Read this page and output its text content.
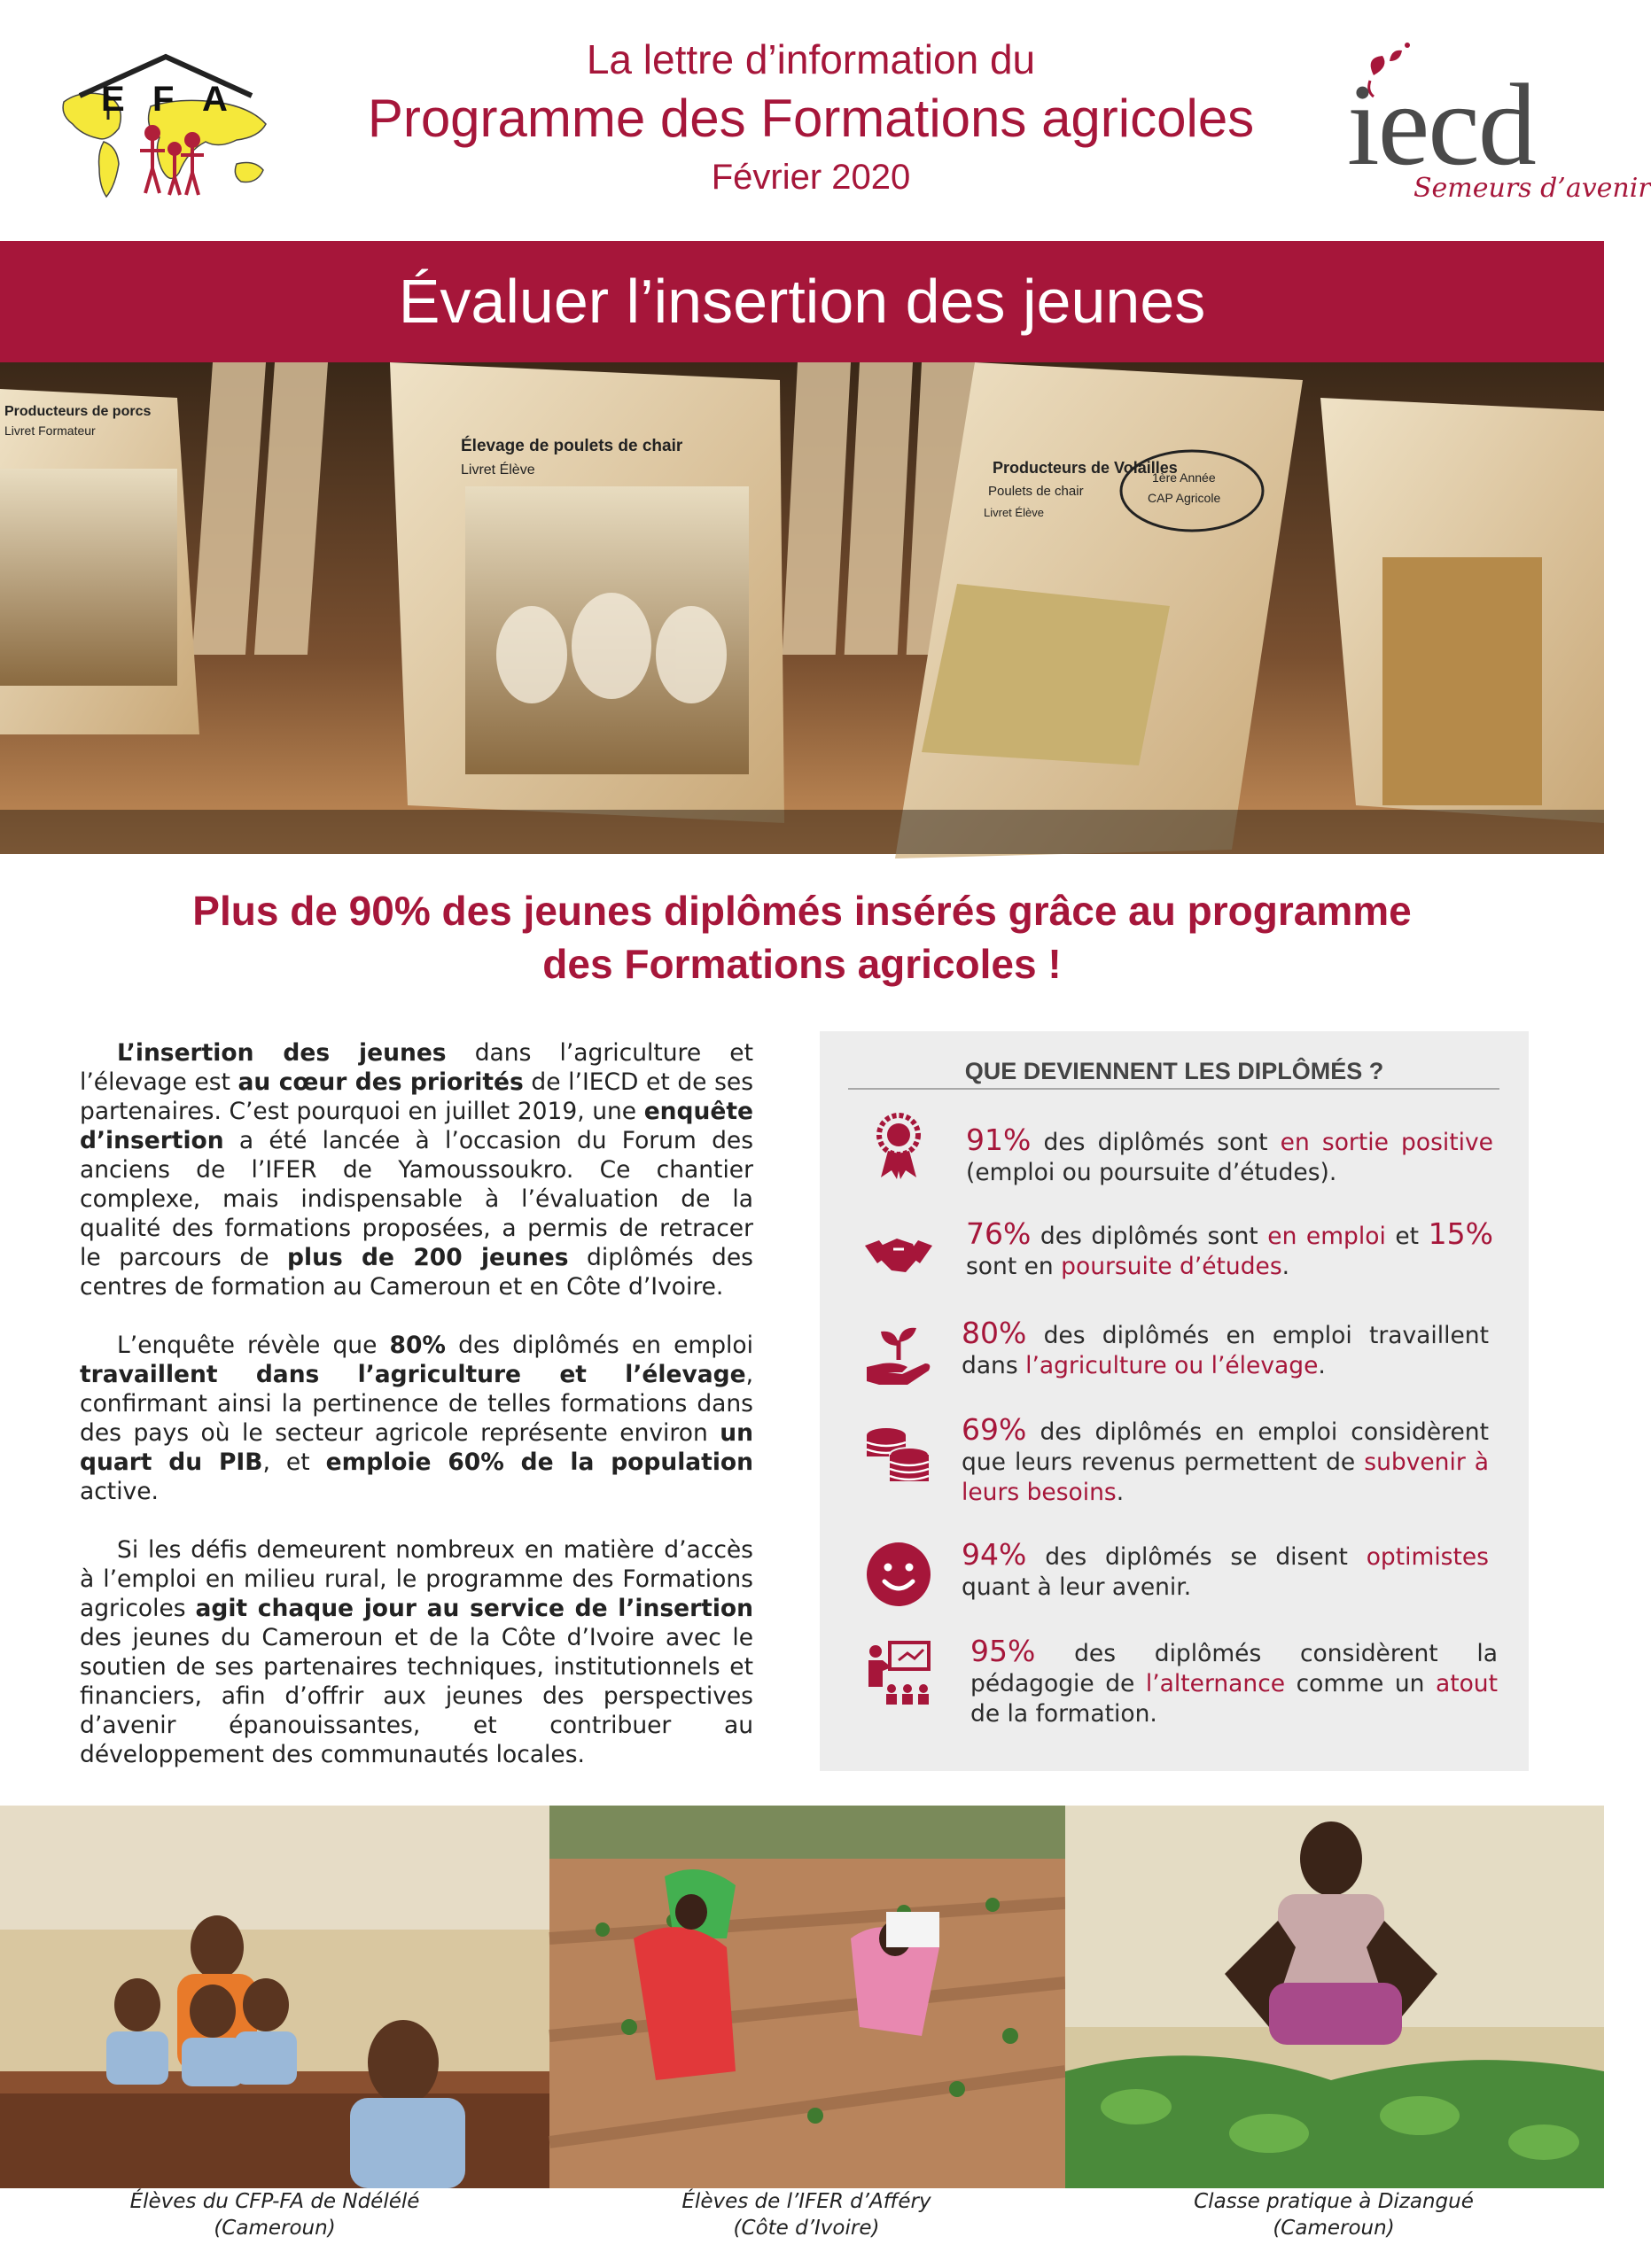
E F A
La lettre d’information du
Programme des Formations agricoles
Février 2020	iecd
Semeurs d’avenir
Évaluer l’insertion des jeunes
Producteurs de porcs
Livret Formateur
Élevage de poulets de chair
Livret Élève	Producteurs de Volailles
Poulets de chair
Livret Élève
1ère Année
CAP Agricole
Plus de 90% des jeunes diplômés insérés grâce au programme
des Formations agricoles !

L’insertion des jeunes dans l’agriculture et l’élevage est au cœur des priorités de l’IECD et de ses partenaires. C’est pourquoi en juillet 2019, une enquête d’insertion a été lancée à l’occasion du Forum des anciens de l’IFER de Yamoussoukro. Ce chantier complexe, mais indispensable à l’évaluation de la qualité des formations proposées, a permis de retracer le parcours de plus de 200 jeunes diplômés des centres de formation au Cameroun et en Côte d’Ivoire.

L’enquête révèle que 80% des diplômés en emploi travaillent dans l’agriculture et l’élevage, confirmant ainsi la pertinence de telles formations dans des pays où le secteur agricole représente environ un quart du PIB, et emploie 60% de la population active.

Si les défis demeurent nombreux en matière d’accès à l’emploi en milieu rural, le programme des Formations agricoles agit chaque jour au service de l’insertion des jeunes du Cameroun et de la Côte d’Ivoire avec le soutien de ses partenaires techniques, institutionnels et financiers, afin d’offrir aux jeunes des perspectives d’avenir épanouissantes, et contribuer au développement des communautés locales.

QUE DEVIENNENT LES DIPLÔMÉS ?
91% des diplômés sont en sortie positive (emploi ou poursuite d’études).
76% des diplômés sont en emploi et 15% sont en poursuite d’études.
80% des diplômés en emploi travaillent dans l’agriculture ou l’élevage.
69% des diplômés en emploi considèrent que leurs revenus permettent de subvenir à leurs besoins.
94% des diplômés se disent optimistes quant à leur avenir.
95% des diplômés considèrent la pédagogie de l’alternance comme un atout de la formation.
Élèves du CFP-FA de Ndélélé
(Cameroun)
Élèves de l’IFER d’Afféry
(Côte d’Ivoire)
Classe pratique à Dizangué
(Cameroun)
